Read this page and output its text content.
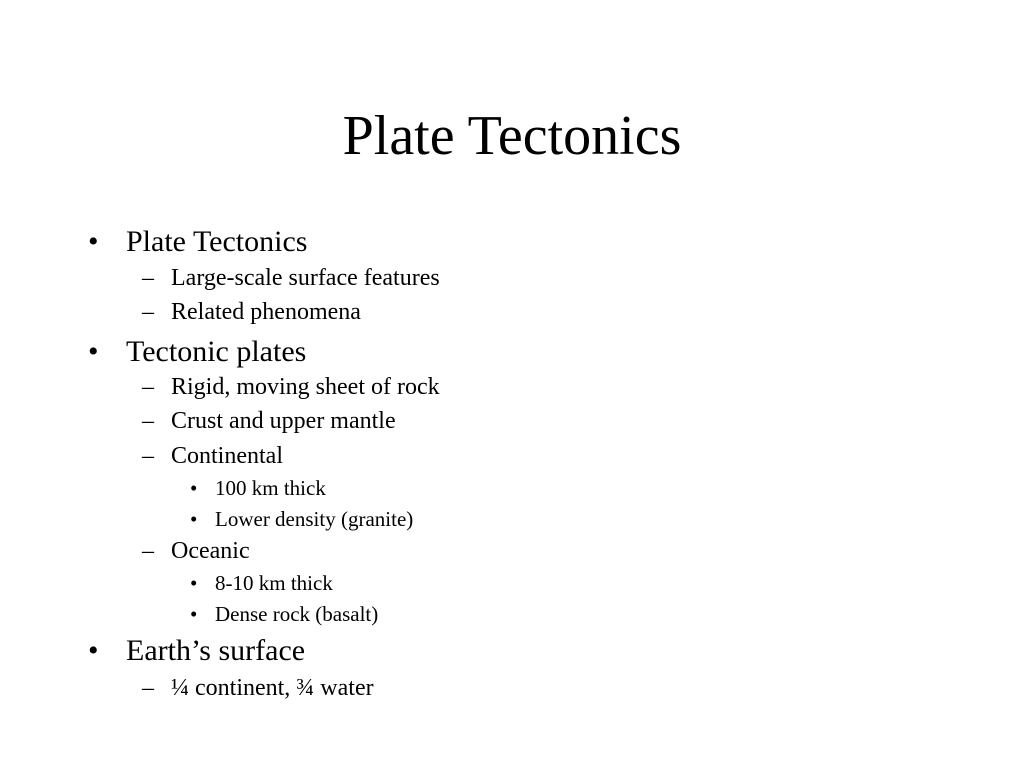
Plate Tectonics
• Plate Tectonics
– Large-scale surface features
– Related phenomena
• Tectonic plates
– Rigid, moving sheet of rock
– Crust and upper mantle
– Continental
• 100 km thick
• Lower density (granite)
– Oceanic
• 8-10 km thick
• Dense rock (basalt)
• Earth’s surface
– ¼ continent, ¾ water
